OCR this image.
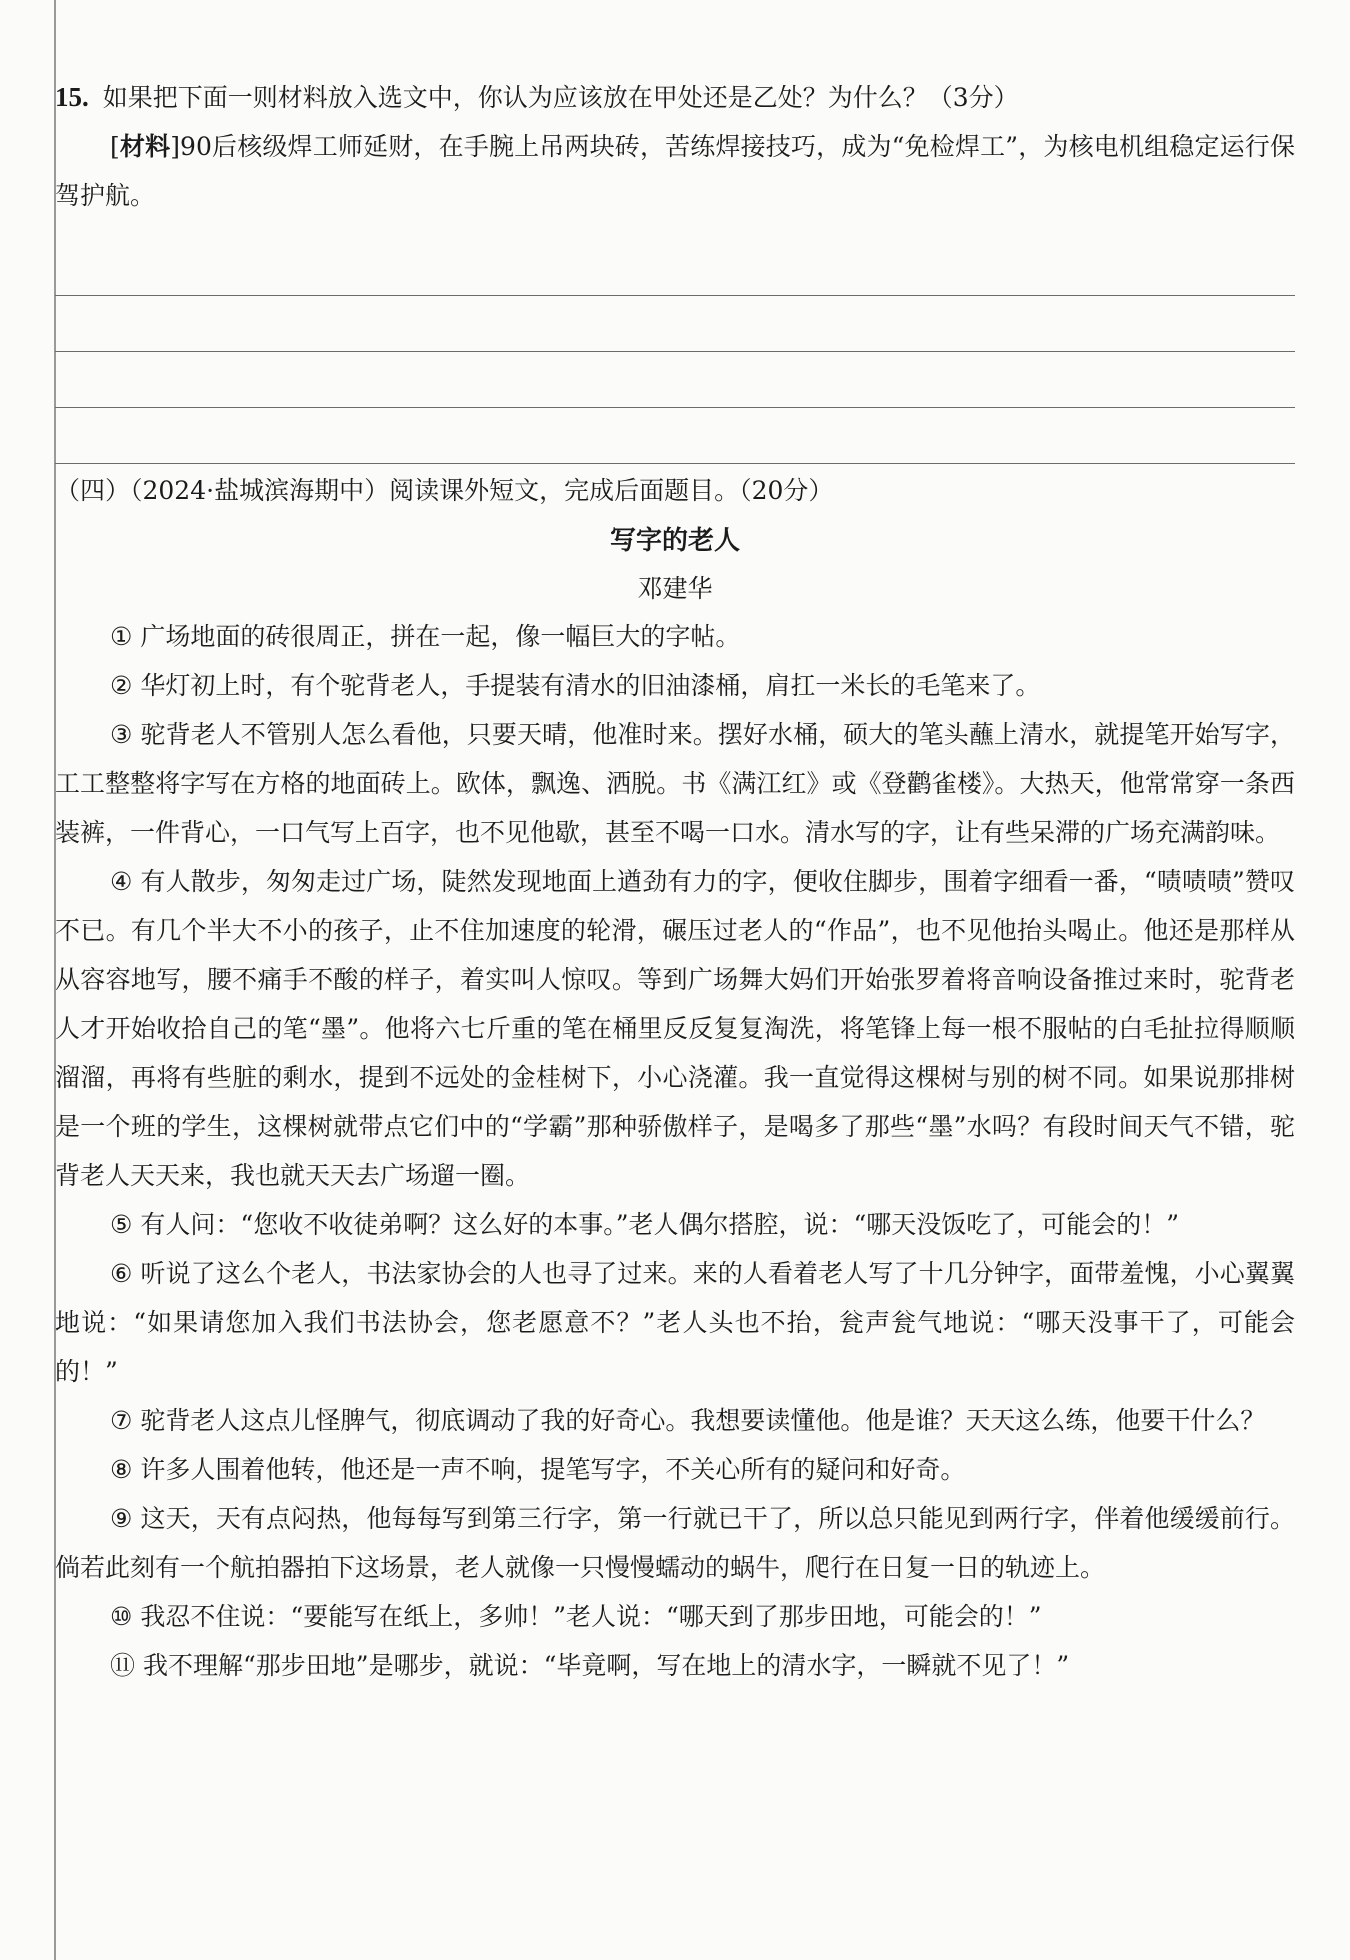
15. 如果把下面一则材料放入选文中，你认为应该放在甲处还是乙处？为什么？（3分）

[材料]90后核级焊工师延财，在手腕上吊两块砖，苦练焊接技巧，成为“免检焊工”，为核电机组稳定运行保驾护航。

（四）（2024·盐城滨海期中）阅读课外短文，完成后面题目。（20分）
写字的老人
邓建华

① 广场地面的砖很周正，拼在一起，像一幅巨大的字帖。

② 华灯初上时，有个驼背老人，手提装有清水的旧油漆桶，肩扛一米长的毛笔来了。

③ 驼背老人不管别人怎么看他，只要天晴，他准时来。摆好水桶，硕大的笔头蘸上清水，就提笔开始写字，工工整整将字写在方格的地面砖上。欧体，飘逸、洒脱。书《满江红》或《登鹳雀楼》。大热天，他常常穿一条西装裤，一件背心，一口气写上百字，也不见他歇，甚至不喝一口水。清水写的字，让有些呆滞的广场充满韵味。

④ 有人散步，匆匆走过广场，陡然发现地面上遒劲有力的字，便收住脚步，围着字细看一番，“啧啧啧”赞叹不已。有几个半大不小的孩子，止不住加速度的轮滑，碾压过老人的“作品”，也不见他抬头喝止。他还是那样从从容容地写，腰不痛手不酸的样子，着实叫人惊叹。等到广场舞大妈们开始张罗着将音响设备推过来时，驼背老人才开始收拾自己的笔“墨”。他将六七斤重的笔在桶里反反复复淘洗，将笔锋上每一根不服帖的白毛扯拉得顺顺溜溜，再将有些脏的剩水，提到不远处的金桂树下，小心浇灌。我一直觉得这棵树与别的树不同。如果说那排树是一个班的学生，这棵树就带点它们中的“学霸”那种骄傲样子，是喝多了那些“墨”水吗？有段时间天气不错，驼背老人天天来，我也就天天去广场遛一圈。

⑤ 有人问：“您收不收徒弟啊？这么好的本事。”老人偶尔搭腔，说：“哪天没饭吃了，可能会的！”

⑥ 听说了这么个老人，书法家协会的人也寻了过来。来的人看着老人写了十几分钟字，面带羞愧，小心翼翼地说：“如果请您加入我们书法协会，您老愿意不？”老人头也不抬，瓮声瓮气地说：“哪天没事干了，可能会的！”

⑦ 驼背老人这点儿怪脾气，彻底调动了我的好奇心。我想要读懂他。他是谁？天天这么练，他要干什么？

⑧ 许多人围着他转，他还是一声不响，提笔写字，不关心所有的疑问和好奇。

⑨ 这天，天有点闷热，他每每写到第三行字，第一行就已干了，所以总只能见到两行字，伴着他缓缓前行。倘若此刻有一个航拍器拍下这场景，老人就像一只慢慢蠕动的蜗牛，爬行在日复一日的轨迹上。

⑩ 我忍不住说：“要能写在纸上，多帅！”老人说：“哪天到了那步田地，可能会的！”

⑪ 我不理解“那步田地”是哪步，就说：“毕竟啊，写在地上的清水字，一瞬就不见了！”
